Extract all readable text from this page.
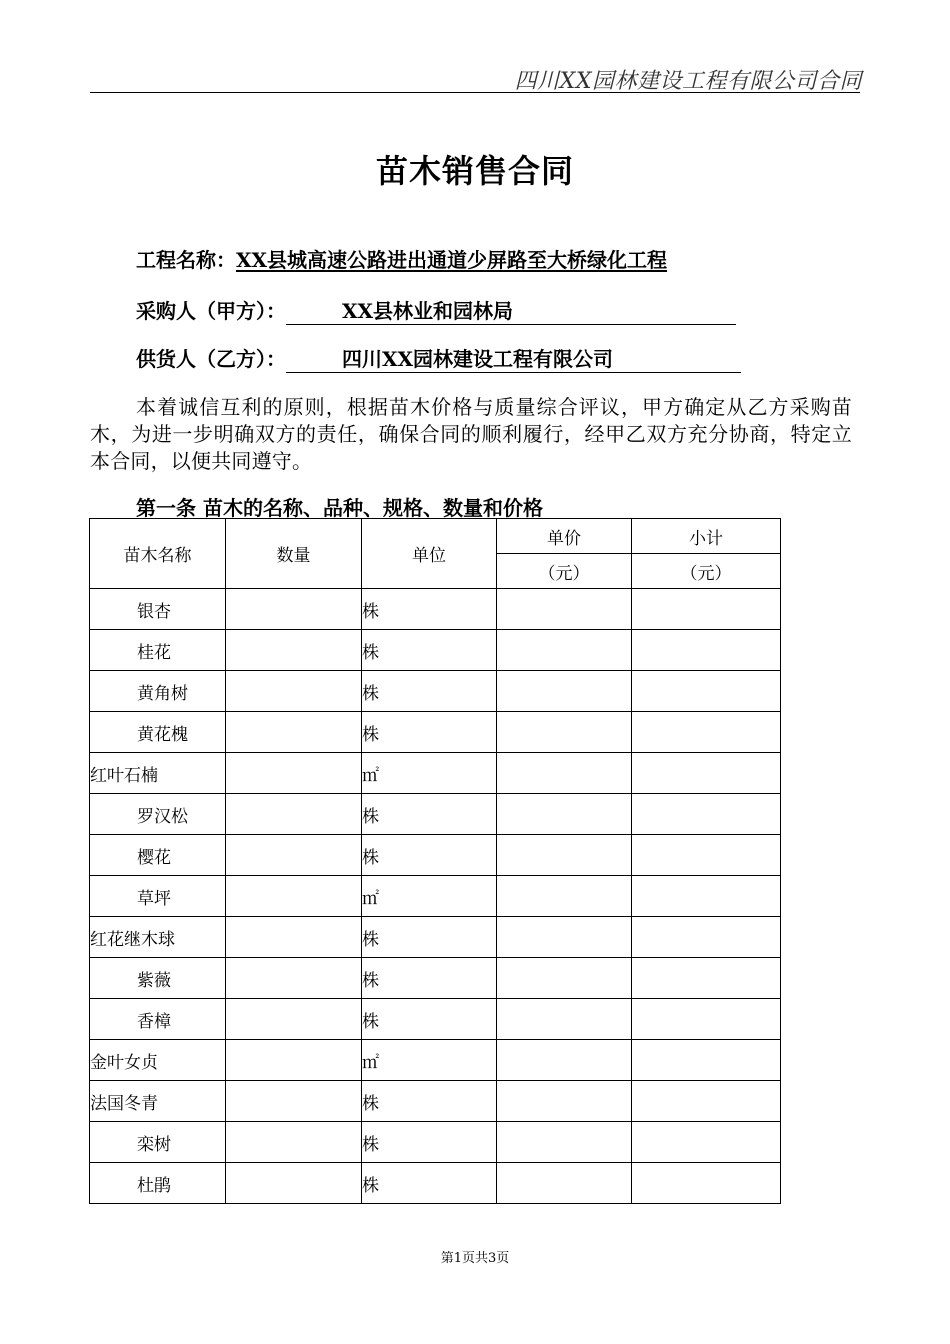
四川XX园林建设工程有限公司合同
苗木销售合同
工程名称：XX县城高速公路进出通道少屏路至大桥绿化工程
采购人（甲方）：	XX县林业和园林局
供货人（乙方）：	四川XX园林建设工程有限公司
本着诚信互利的原则，根据苗木价格与质量综合评议，甲方确定从乙方采购苗木，为进一步明确双方的责任，确保合同的顺利履行，经甲乙双方充分协商，特定立本合同，以便共同遵守。
第一条 苗木的名称、品种、规格、数量和价格
苗木名称	数量	单位	单价	小计
			（元）	（元）
银杏		株		
桂花		株		
黄角树		株		
黄花槐		株		
红叶石楠		㎡		
罗汉松		株		
樱花		株		
草坪		㎡		
红花继木球		株		
紫薇		株		
香樟		株		
金叶女贞		㎡		
法国冬青		株		
栾树		株		
杜鹃		株		
第1页共3页
